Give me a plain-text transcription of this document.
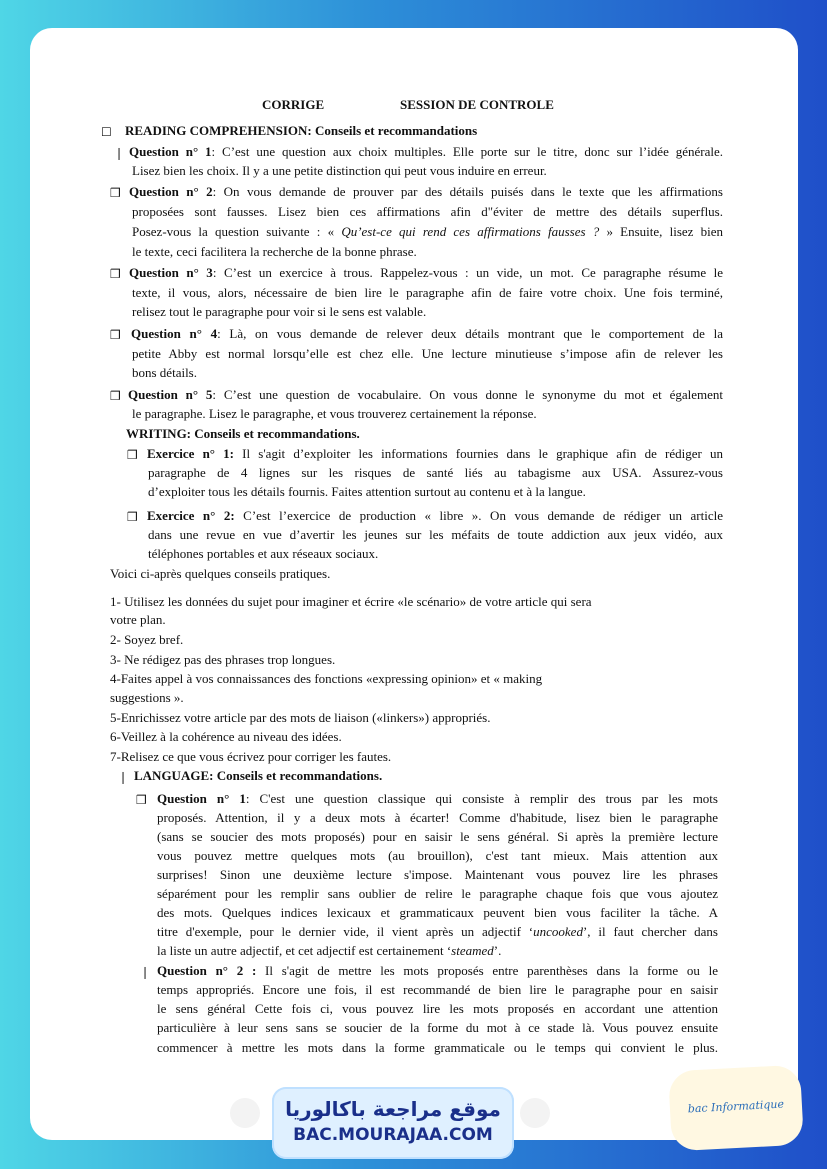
CORRIGE	SESSION DE CONTROLE
☐ READING COMPREHENSION: Conseils et recommandations
❘ Question n° 1: C’est une question aux choix multiples. Elle porte sur le titre, donc sur l’idée générale.
Lisez bien les choix. Il y a une petite distinction qui peut vous induire en erreur.
❒ Question n° 2: On vous demande de prouver par des détails puisés dans le texte que les affirmations
proposées sont fausses. Lisez bien ces affirmations afin d"éviter de mettre des détails superflus.
Posez-vous la question suivante : « Qu’est-ce qui rend ces affirmations fausses ? » Ensuite, lisez bien
le texte, ceci facilitera la recherche de la bonne phrase.
❒ Question n° 3: C’est un exercice à trous. Rappelez-vous : un vide, un mot. Ce paragraphe résume le
texte, il vous, alors, nécessaire de bien lire le paragraphe afin de faire votre choix. Une fois terminé,
relisez tout le paragraphe pour voir si le sens est valable.
❒ Question n° 4: Là, on vous demande de relever deux détails montrant que le comportement de la
petite Abby est normal lorsqu’elle est chez elle. Une lecture minutieuse s’impose afin de relever les
bons détails.
❒ Question n° 5: C’est une question de vocabulaire. On vous donne le synonyme du mot et également
le paragraphe. Lisez le paragraphe, et vous trouverez certainement la réponse.
WRITING: Conseils et recommandations.
❒ Exercice n° 1: Il s'agit d’exploiter les informations fournies dans le graphique afin de rédiger un
paragraphe de 4 lignes sur les risques de santé liés au tabagisme aux USA. Assurez-vous
d’exploiter tous les détails fournis. Faites attention surtout au contenu et à la langue.
❒ Exercice n° 2: C’est l’exercice de production « libre ». On vous demande de rédiger un article
dans une revue en vue d’avertir les jeunes sur les méfaits de toute addiction aux jeux vidéo, aux
téléphones portables et aux réseaux sociaux.
Voici ci-après quelques conseils pratiques.
1- Utilisez les données du sujet pour imaginer et écrire «le scénario» de votre article qui sera
votre plan.
2- Soyez bref.
3- Ne rédigez pas des phrases trop longues.
4-Faites appel à vos connaissances des fonctions «expressing opinion» et « making
suggestions ».
5-Enrichissez votre article par des mots de liaison («linkers») appropriés.
6-Veillez à la cohérence au niveau des idées.
7-Relisez ce que vous écrivez pour corriger les fautes.
❘ LANGUAGE: Conseils et recommandations.
❒ Question n° 1: C'est une question classique qui consiste à remplir des trous par les mots
proposés. Attention, il y a deux mots à écarter! Comme d'habitude, lisez bien le paragraphe
(sans se soucier des mots proposés) pour en saisir le sens général. Si après la première lecture
vous pouvez mettre quelques mots (au brouillon), c'est tant mieux. Mais attention aux
surprises! Sinon une deuxième lecture s'impose. Maintenant vous pouvez lire les phrases
séparément pour les remplir sans oublier de relire le paragraphe chaque fois que vous ajoutez
des mots. Quelques indices lexicaux et grammaticaux peuvent bien vous faciliter la tâche. A
titre d'exemple, pour le dernier vide, il vient après un adjectif ‘uncooked’, il faut chercher dans
la liste un autre adjectif, et cet adjectif est certainement ‘steamed’.
❘ Question n° 2 : Il s'agit de mettre les mots proposés entre parenthèses dans la forme ou le
temps appropriés. Encore une fois, il est recommandé de bien lire le paragraphe pour en saisir
le sens général Cette fois ci, vous pouvez lire les mots proposés en accordant une attention
particulière à leur sens sans se soucier de la forme du mot à ce stade là. Vous pouvez ensuite
commencer à mettre les mots dans la forme grammaticale ou le temps qui convient le plus.
موقع مراجعة باكالوريا
BAC.MOURAJAA.COM
bac Informatique
